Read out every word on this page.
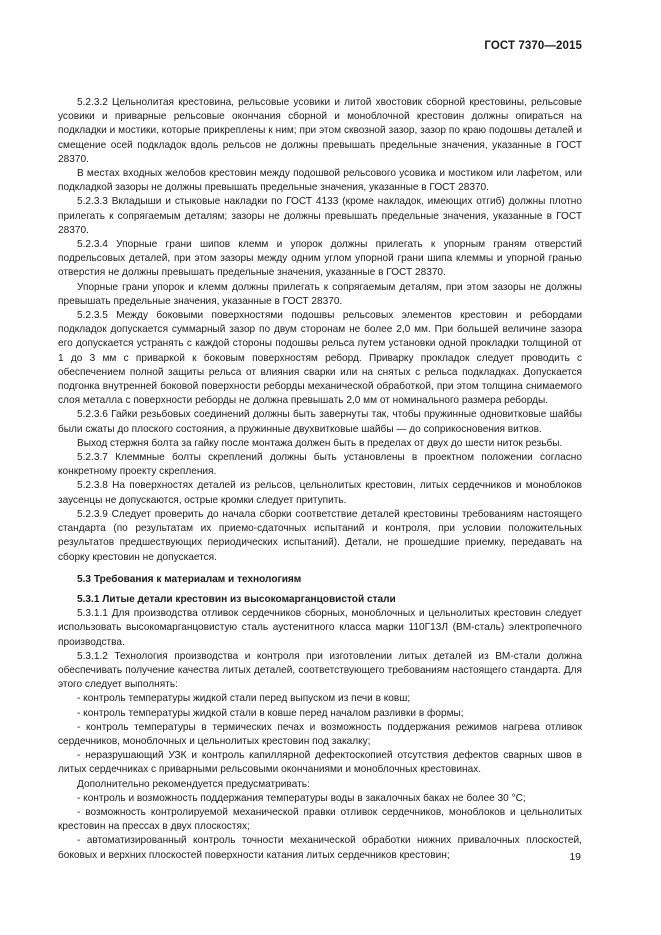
ГОСТ 7370—2015

5.2.3.2 Цельнолитая крестовина, рельсовые усовики и литой хвостовик сборной крестовины, рельсовые усовики и приварные рельсовые окончания сборной и моноблочной крестовин должны опираться на подкладки и мостики, которые прикреплены к ним; при этом сквозной зазор, зазор по краю подошвы деталей и смещение осей подкладок вдоль рельсов не должны превышать предельные значения, указанные в ГОСТ 28370.

В местах входных желобов крестовин между подошвой рельсового усовика и мостиком или лафетом, или подкладкой зазоры не должны превышать предельные значения, указанные в ГОСТ 28370.

5.2.3.3 Вкладыши и стыковые накладки по ГОСТ 4133 (кроме накладок, имеющих отгиб) должны плотно прилегать к сопрягаемым деталям; зазоры не должны превышать предельные значения, указанные в ГОСТ 28370.

5.2.3.4 Упорные грани шипов клемм и упорок должны прилегать к упорным граням отверстий подрельсовых деталей, при этом зазоры между одним углом упорной грани шипа клеммы и упорной гранью отверстия не должны превышать предельные значения, указанные в ГОСТ 28370.

Упорные грани упорок и клемм должны прилегать к сопрягаемым деталям, при этом зазоры не должны превышать предельные значения, указанные в ГОСТ 28370.

5.2.3.5 Между боковыми поверхностями подошвы рельсовых элементов крестовин и ребордами подкладок допускается суммарный зазор по двум сторонам не более 2,0 мм. При большей величине зазора его допускается устранять с каждой стороны подошвы рельса путем установки одной прокладки толщиной от 1 до 3 мм с приваркой к боковым поверхностям реборд. Приварку прокладок следует проводить с обеспечением полной защиты рельса от влияния сварки или на снятых с рельса подкладках. Допускается подгонка внутренней боковой поверхности реборды механической обработкой, при этом толщина снимаемого слоя металла с поверхности реборды не должна превышать 2,0 мм от номинального размера реборды.

5.2.3.6 Гайки резьбовых соединений должны быть завернуты так, чтобы пружинные одновитковые шайбы были сжаты до плоского состояния, а пружинные двухвитковые шайбы — до соприкосновения витков.

Выход стержня болта за гайку после монтажа должен быть в пределах от двух до шести ниток резьбы.

5.2.3.7 Клеммные болты скреплений должны быть установлены в проектном положении согласно конкретному проекту скрепления.

5.2.3.8 На поверхностях деталей из рельсов, цельнолитых крестовин, литых сердечников и моноблоков заусенцы не допускаются, острые кромки следует притупить.

5.2.3.9 Следует проверить до начала сборки соответствие деталей крестовины требованиям настоящего стандарта (по результатам их приемо-сдаточных испытаний и контроля, при условии положительных результатов предшествующих периодических испытаний). Детали, не прошедшие приемку, передавать на сборку крестовин не допускается.

5.3 Требования к материалам и технологиям

5.3.1 Литые детали крестовин из высокомарганцовистой стали

5.3.1.1 Для производства отливок сердечников сборных, моноблочных и цельнолитых крестовин следует использовать высокомарганцовистую сталь аустенитного класса марки 110Г13Л (ВМ-сталь) электропечного производства.

5.3.1.2 Технология производства и контроля при изготовлении литых деталей из ВМ-стали должна обеспечивать получение качества литых деталей, соответствующего требованиям настоящего стандарта. Для этого следует выполнять:

- контроль температуры жидкой стали перед выпуском из печи в ковш;

- контроль температуры жидкой стали в ковше перед началом разливки в формы;

- контроль температуры в термических печах и возможность поддержания режимов нагрева отливок сердечников, моноблочных и цельнолитых крестовин под закалку;

- неразрушающий УЗК и контроль капиллярной дефектоскопией отсутствия дефектов сварных швов в литых сердечниках с приварными рельсовыми окончаниями и моноблочных крестовинах.

Дополнительно рекомендуется предусматривать:

- контроль и возможность поддержания температуры воды в закалочных баках не более 30 °С;

- возможность контролируемой механической правки отливок сердечников, моноблоков и цельнолитых крестовин на прессах в двух плоскостях;

- автоматизированный контроль точности механической обработки нижних привалочных плоскостей, боковых и верхних плоскостей поверхности катания литых сердечников крестовин;	19
